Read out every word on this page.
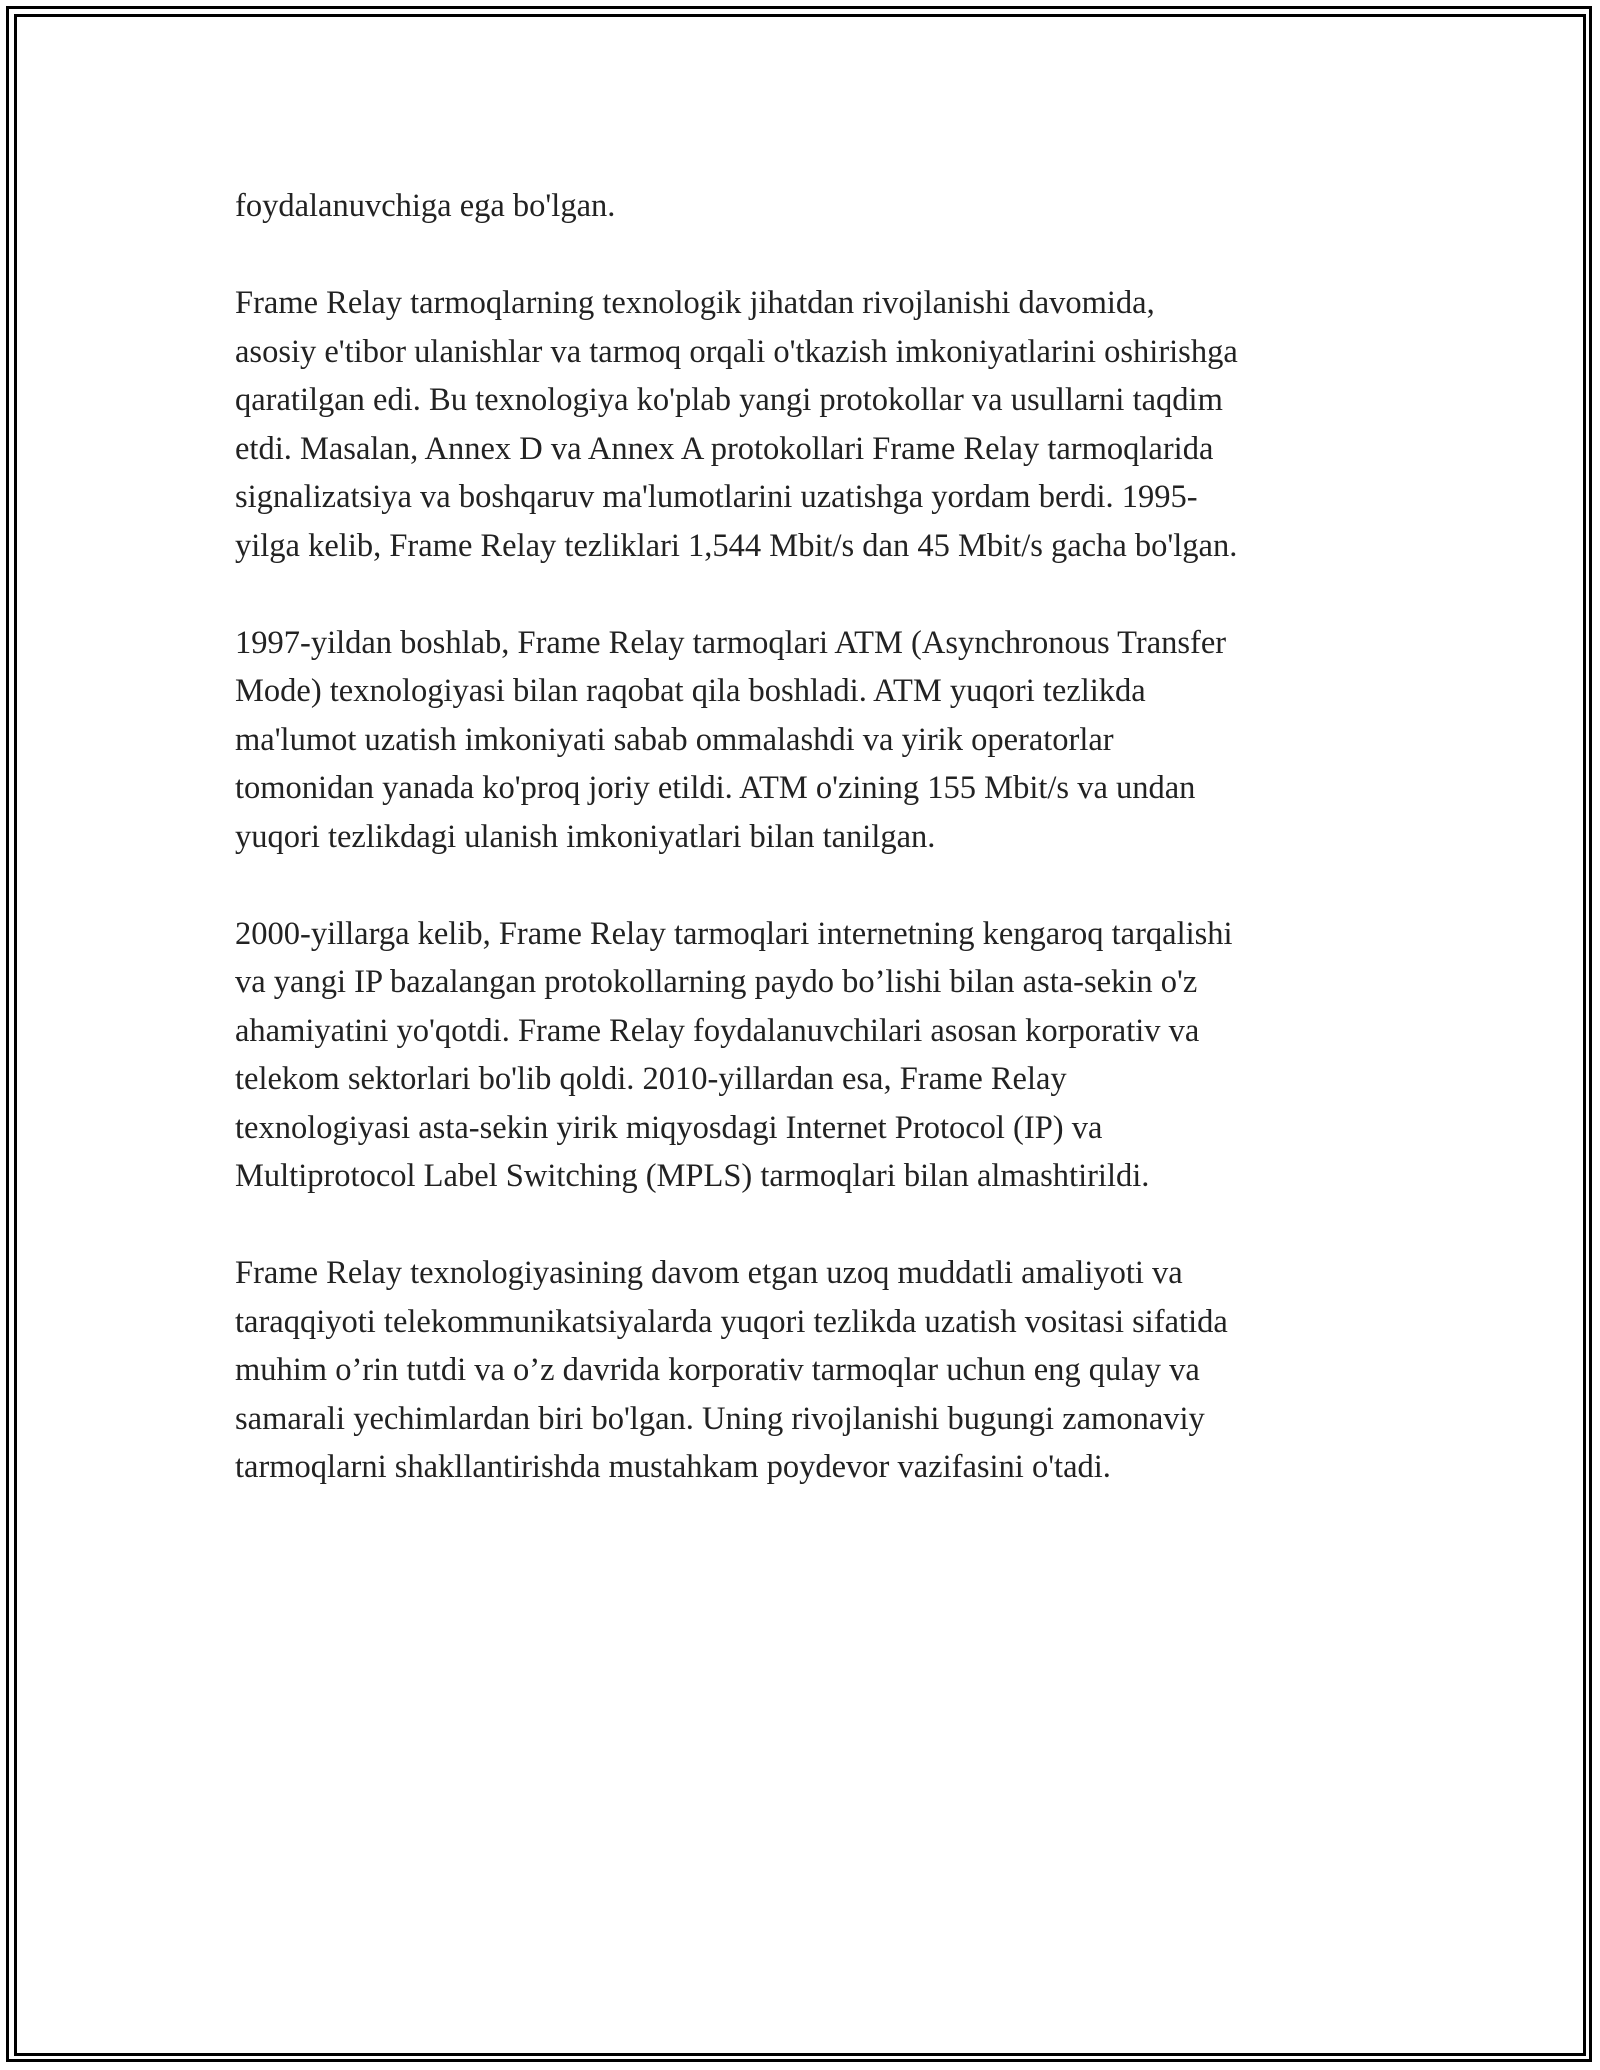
foydalanuvchiga ega bo'lgan.

Frame Relay tarmoqlarning texnologik jihatdan rivojlanishi davomida,
asosiy e'tibor ulanishlar va tarmoq orqali o'tkazish imkoniyatlarini oshirishga
qaratilgan edi. Bu texnologiya ko'plab yangi protokollar va usullarni taqdim
etdi. Masalan, Annex D va Annex A protokollari Frame Relay tarmoqlarida
signalizatsiya va boshqaruv ma'lumotlarini uzatishga yordam berdi. 1995-
yilga kelib, Frame Relay tezliklari 1,544 Mbit/s dan 45 Mbit/s gacha bo'lgan.

1997-yildan boshlab, Frame Relay tarmoqlari ATM (Asynchronous Transfer
Mode) texnologiyasi bilan raqobat qila boshladi. ATM yuqori tezlikda
ma'lumot uzatish imkoniyati sabab ommalashdi va yirik operatorlar
tomonidan yanada ko'proq joriy etildi. ATM o'zining 155 Mbit/s va undan
yuqori tezlikdagi ulanish imkoniyatlari bilan tanilgan.

2000-yillarga kelib, Frame Relay tarmoqlari internetning kengaroq tarqalishi
va yangi IP bazalangan protokollarning paydo bo’lishi bilan asta-sekin o'z
ahamiyatini yo'qotdi. Frame Relay foydalanuvchilari asosan korporativ va
telekom sektorlari bo'lib qoldi. 2010-yillardan esa, Frame Relay
texnologiyasi asta-sekin yirik miqyosdagi Internet Protocol (IP) va
Multiprotocol Label Switching (MPLS) tarmoqlari bilan almashtirildi.

Frame Relay texnologiyasining davom etgan uzoq muddatli amaliyoti va
taraqqiyoti telekommunikatsiyalarda yuqori tezlikda uzatish vositasi sifatida
muhim o’rin tutdi va o’z davrida korporativ tarmoqlar uchun eng qulay va
samarali yechimlardan biri bo'lgan. Uning rivojlanishi bugungi zamonaviy
tarmoqlarni shakllantirishda mustahkam poydevor vazifasini o'tadi.
